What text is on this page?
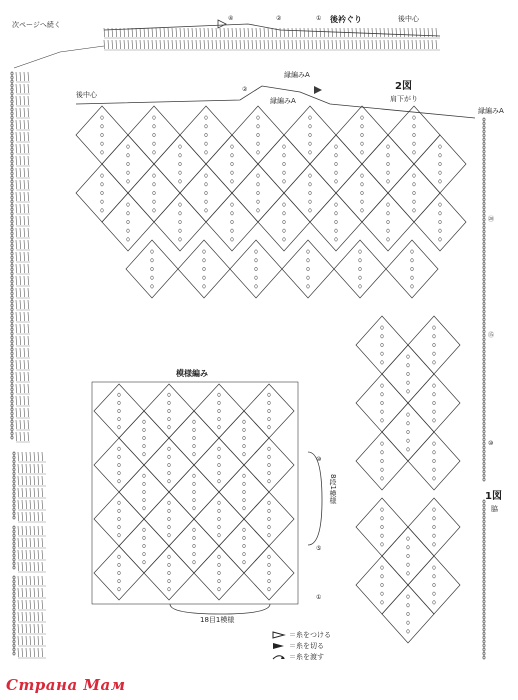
次ページへ続く
後衿ぐり	後中心
後中心
縁編みA
縁編みA
縁編みA
2図
肩下がり
模様編み
8段1模様
18目1模様
1図
脇
④	②	①
②
⑳
⑮
⑩
⑩
⑤
①
＝糸をつける
＝糸を切る
＝糸を渡す
Страна Мам
